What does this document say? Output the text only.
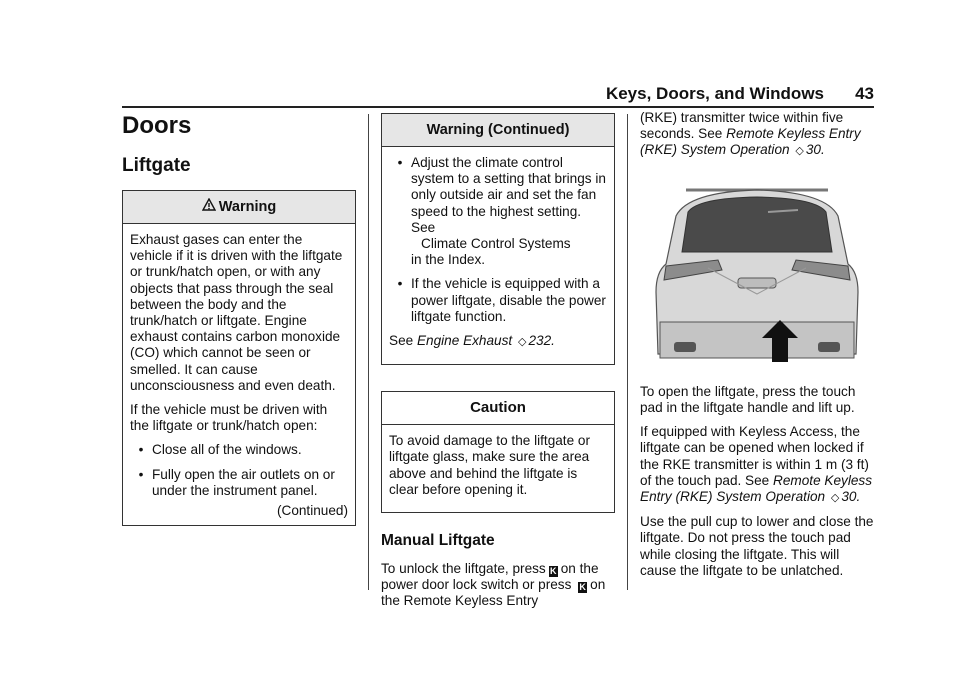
Keys, Doors, and Windows 43
Doors
Liftgate
Warning

Exhaust gases can enter the vehicle if it is driven with the liftgate or trunk/hatch open, or with any objects that pass through the seal between the body and the trunk/hatch or liftgate. Engine exhaust contains carbon monoxide (CO) which cannot be seen or smelled. It can cause unconsciousness and even death.

If the vehicle must be driven with the liftgate or trunk/hatch open:

• Close all of the windows.
• Fully open the air outlets on or under the instrument panel.
(Continued)
Warning (Continued)
• Adjust the climate control system to a setting that brings in only outside air and set the fan speed to the highest setting. See
Climate Control Systems
in the Index.
• If the vehicle is equipped with a power liftgate, disable the power liftgate function.

See Engine Exhaust ◇ 232.

Caution

To avoid damage to the liftgate or liftgate glass, make sure the area above and behind the liftgate is clear before opening it.

Manual Liftgate

To unlock the liftgate, press K on the power door lock switch or press K on the Remote Keyless Entry

(RKE) transmitter twice within five seconds. See Remote Keyless Entry (RKE) System Operation ◇ 30.

To open the liftgate, press the touch pad in the liftgate handle and lift up.

If equipped with Keyless Access, the liftgate can be opened when locked if the RKE transmitter is within 1 m (3 ft) of the touch pad. See Remote Keyless Entry (RKE) System Operation ◇ 30.

Use the pull cup to lower and close the liftgate. Do not press the touch pad while closing the liftgate. This will cause the liftgate to be unlatched.
